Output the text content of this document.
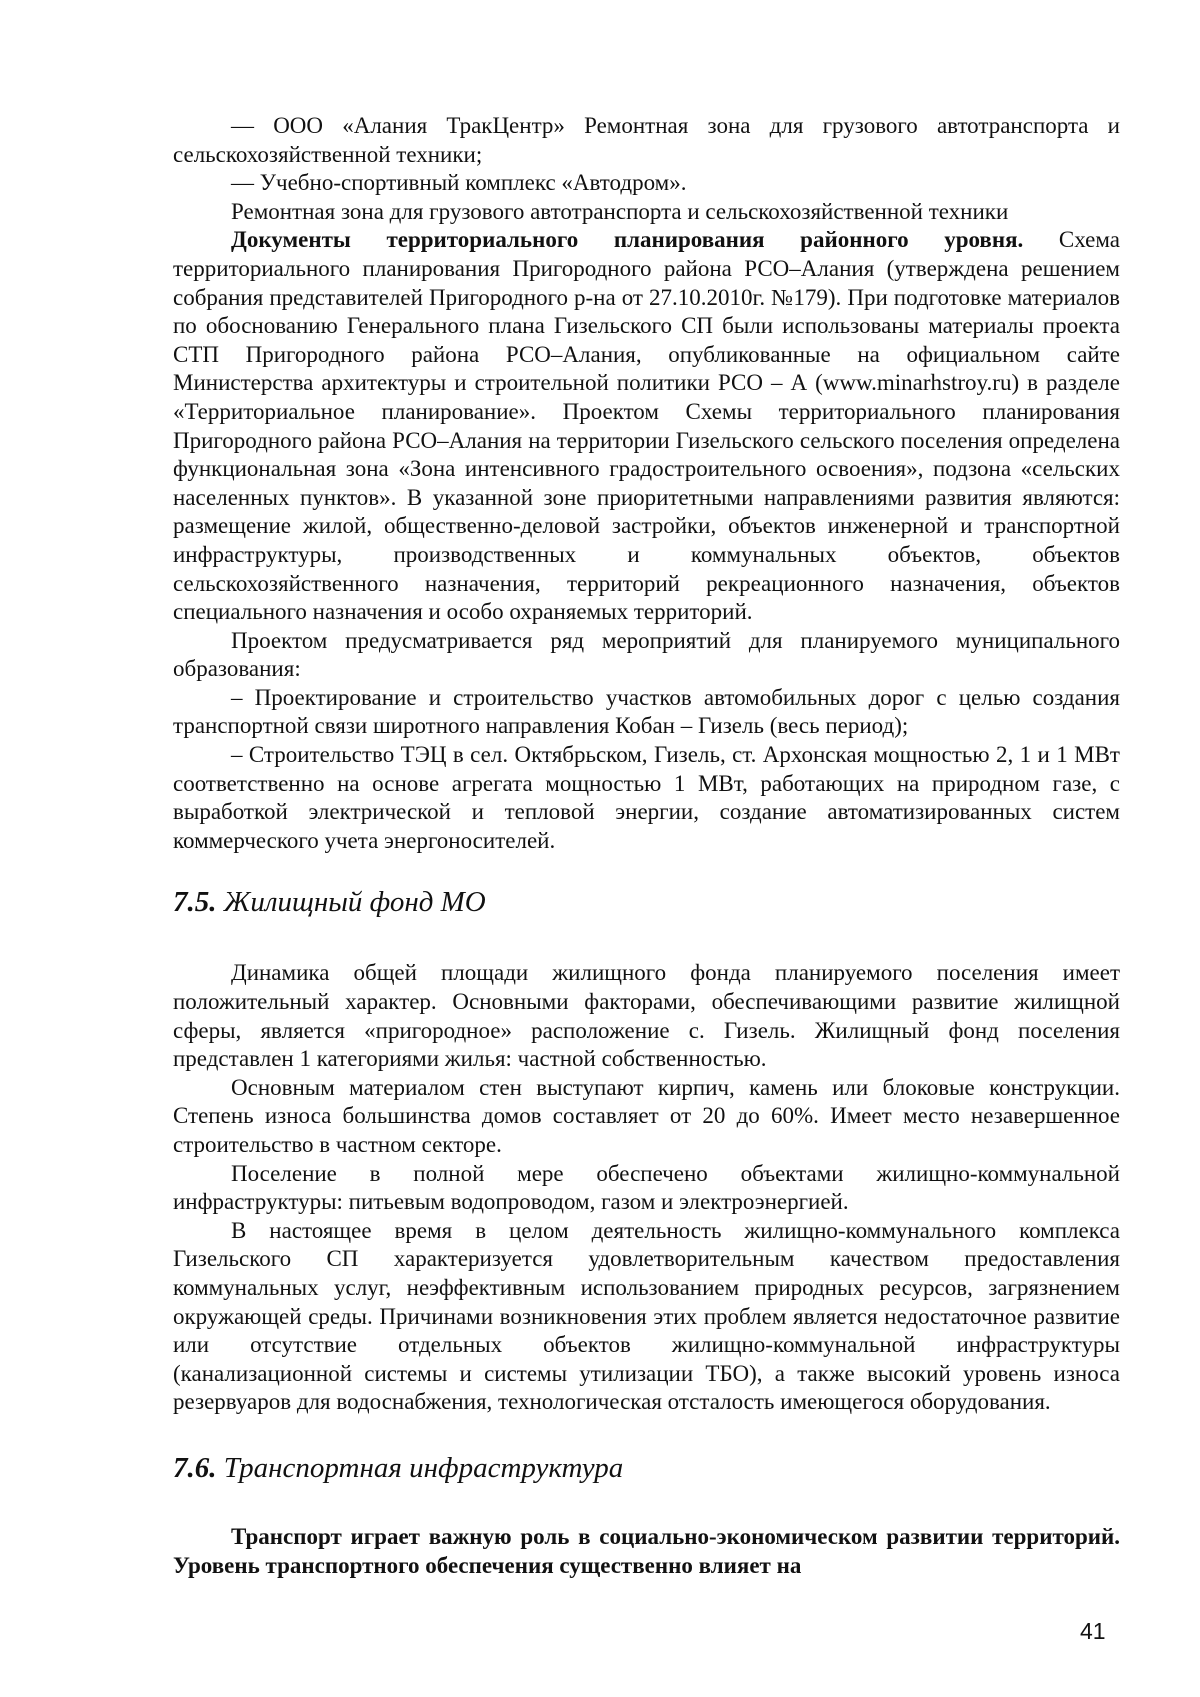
— ООО «Алания ТракЦентр» Ремонтная зона для грузового автотранспорта и сельскохозяйственной техники;

— Учебно-спортивный комплекс «Автодром».

Ремонтная зона для грузового автотранспорта и сельскохозяйственной техники

Документы территориального планирования районного уровня. Схема территориального планирования Пригородного района РСО–Алания (утверждена решением собрания представителей Пригородного р-на от 27.10.2010г. №179). При подготовке материалов по обоснованию Генерального плана Гизельского СП были использованы материалы проекта СТП Пригородного района РСО–Алания, опубликованные на официальном сайте Министерства архитектуры и строительной политики РСО – А (www.minarhstroy.ru) в разделе «Территориальное планирование». Проектом Схемы территориального планирования Пригородного района РСО–Алания на территории Гизельского сельского поселения определена функциональная зона «Зона интенсивного градостроительного освоения», подзона «сельских населенных пунктов». В указанной зоне приоритетными направлениями развития являются: размещение жилой, общественно-деловой застройки, объектов инженерной и транспортной инфраструктуры, производственных и коммунальных объектов, объектов сельскохозяйственного назначения, территорий рекреационного назначения, объектов специального назначения и особо охраняемых территорий.

Проектом предусматривается ряд мероприятий для планируемого муниципального образования:

– Проектирование и строительство участков автомобильных дорог с целью создания транспортной связи широтного направления Кобан – Гизель (весь период);

– Строительство ТЭЦ в сел. Октябрьском, Гизель, ст. Архонская мощностью 2, 1 и 1 МВт соответственно на основе агрегата мощностью 1 МВт, работающих на природном газе, с выработкой электрической и тепловой энергии, создание автоматизированных систем коммерческого учета энергоносителей.

7.5. Жилищный фонд МО

Динамика общей площади жилищного фонда планируемого поселения имеет положительный характер. Основными факторами, обеспечивающими развитие жилищной сферы, является «пригородное» расположение с. Гизель. Жилищный фонд поселения представлен 1 категориями жилья: частной собственностью.

Основным материалом стен выступают кирпич, камень или блоковые конструкции. Степень износа большинства домов составляет от 20 до 60%. Имеет место незавершенное строительство в частном секторе.

Поселение в полной мере обеспечено объектами жилищно-коммунальной инфраструктуры: питьевым водопроводом, газом и электроэнергией.

В настоящее время в целом деятельность жилищно-коммунального комплекса Гизельского СП характеризуется удовлетворительным качеством предоставления коммунальных услуг, неэффективным использованием природных ресурсов, загрязнением окружающей среды. Причинами возникновения этих проблем является недостаточное развитие или отсутствие отдельных объектов жилищно-коммунальной инфраструктуры (канализационной системы и системы утилизации ТБО), а также высокий уровень износа резервуаров для водоснабжения, технологическая отсталость имеющегося оборудования.

7.6. Транспортная инфраструктура

Транспорт играет важную роль в социально-экономическом развитии территорий. Уровень транспортного обеспечения существенно влияет на

41
